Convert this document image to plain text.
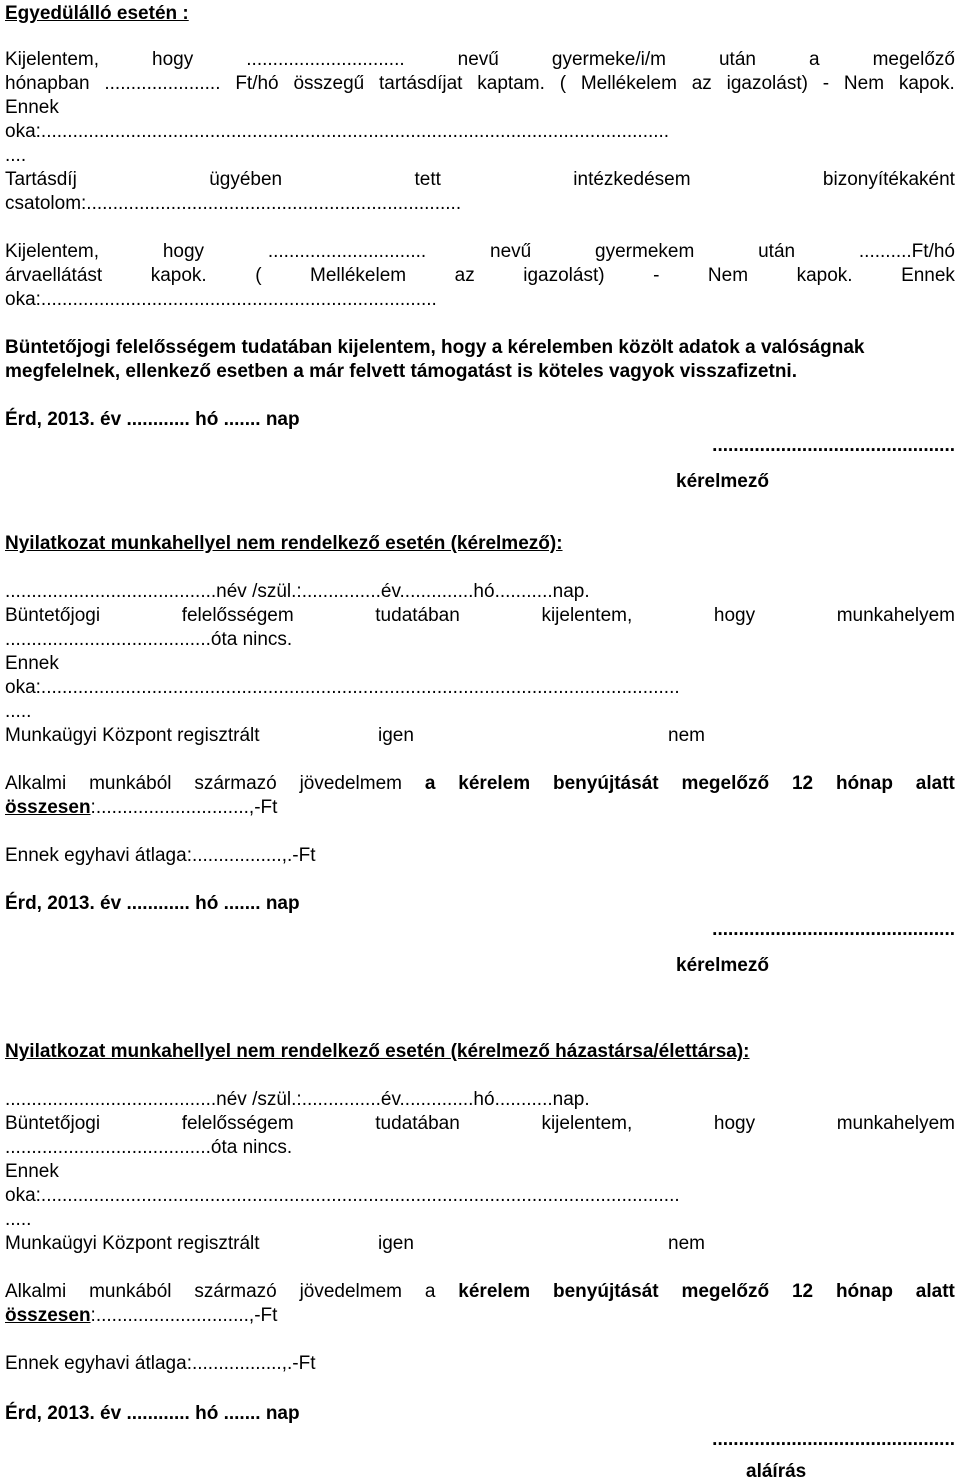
Egyedülálló esetén :
Kijelentem,	hogy	..............................	nevű	gyermeke/i/m	után	a	megelőző
hónapban ...................... Ft/hó összegű tartásdíjat kaptam. ( Mellékelem az igazolást) - Nem kapok.
Ennek
oka:.......................................................................................................................
....
Tartásdíj	ügyében	tett	intézkedésem	bizonyítékaként
csatolom:.......................................................................
Kijelentem,	hogy	..............................	nevű	gyermekem	után	..........Ft/hó
árvaellátást	kapok.	(	Mellékelem	az	igazolást)	-	Nem	kapok.	Ennek
oka:...........................................................................
Büntetőjogi felelősségem tudatában kijelentem, hogy a kérelemben közölt adatok a valóságnak
megfelelnek, ellenkező esetben a már felvett támogatást is köteles vagyok visszafizetni.
Érd, 2013. év ............ hó ....... nap
..............................................
kérelmező
Nyilatkozat munkahellyel nem rendelkező esetén (kérelmező):
........................................név /szül.:...............év..............hó...........nap.
Büntetőjogi	felelősségem	tudatában	kijelentem,	hogy	munkahelyem
.......................................óta nincs.
Ennek
oka:.........................................................................................................................
.....
Munkaügyi Központ regisztrált	igen	nem
Alkalmi munkából származó jövedelmem a kérelem benyújtását megelőző 12 hónap alatt
összesen:.............................,-Ft
Ennek egyhavi átlaga:.................,.-Ft
Érd, 2013. év ............ hó ....... nap
..............................................
kérelmező
Nyilatkozat munkahellyel nem rendelkező esetén (kérelmező házastársa/élettársa):
........................................név /szül.:...............év..............hó...........nap.
Büntetőjogi	felelősségem	tudatában	kijelentem,	hogy	munkahelyem
.......................................óta nincs.
Ennek
oka:.........................................................................................................................
.....
Munkaügyi Központ regisztrált	igen	nem
Alkalmi munkából származó jövedelmem a kérelem benyújtását megelőző 12 hónap alatt
összesen:.............................,-Ft
Ennek egyhavi átlaga:.................,.-Ft
Érd, 2013. év ............ hó ....... nap
..............................................
aláírás
